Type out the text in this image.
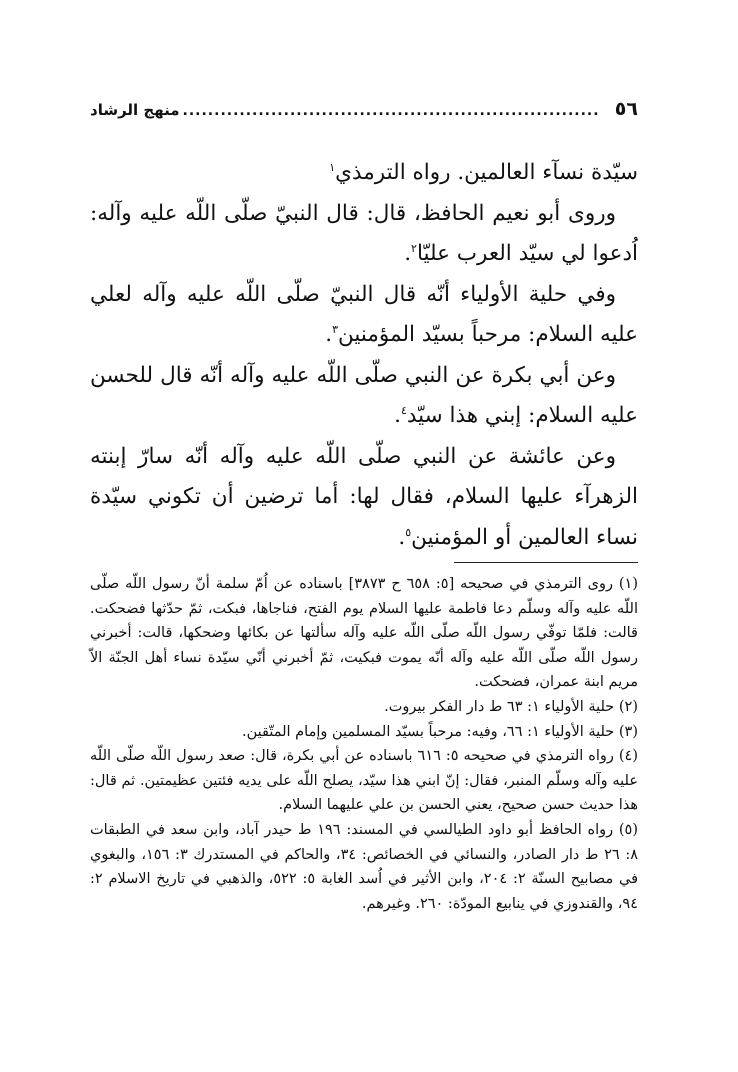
٥٦
..................................................................
منهج الرشاد

سيّدة نسآء العالمين. رواه الترمذي$^١$

وروى أبو نعيم الحافظ، قال: قال النبيّ صلّى اللّه عليه وآله: اُدعوا لي سيّد العرب عليّا$^٢$.

وفي حلية الأولياء أنّه قال النبيّ صلّى اللّه عليه وآله لعلي عليه السلام: مرحباً بسيّد المؤمنين$^٣$.

وعن أبي بكرة عن النبي صلّى اللّه عليه وآله أنّه قال للحسن عليه السلام: إبني هذا سيّد$^٤$.

وعن عائشة عن النبي صلّى اللّه عليه وآله أنّه سارّ إبنته الزهرآء عليها السلام، فقال لها: أما ترضين أن تكوني سيّدة نساء العالمين أو المؤمنين$^٥$.

(١) روى الترمذي في صحيحه [٥: ٦٥٨ ح ٣٨٧٣] باسناده عن اُمّ سلمة أنّ رسول اللّه صلّى اللّه عليه وآله وسلّم دعا فاطمة عليها السلام يوم الفتح، فناجاها، فبكت، ثمّ حدّثها فضحكت. قالت: فلمّا توفّي رسول اللّه صلّى اللّه عليه وآله سألتها عن بكائها وضحكها، قالت: أخبرني رسول اللّه صلّى اللّه عليه وآله أنّه يموت فبكيت، ثمّ أخبرني أنّي سيّدة نساء أهل الجنّة الاّ مريم ابنة عمران، فضحكت.

(٢) حلية الأولياء ١: ٦٣ ط دار الفكر بيروت.

(٣) حلية الأولياء ١: ٦٦، وفيه: مرحباً بسيّد المسلمين وإمام المتّقين.

(٤) رواه الترمذي في صحيحه ٥: ٦١٦ باسناده عن أبي بكرة، قال: صعد رسول اللّه صلّى اللّه عليه وآله وسلّم المنبر، فقال: إنّ ابني هذا سيّد، يصلح اللّه على يديه فئتين عظيمتين. ثم قال: هذا حديث حسن صحيح، يعني الحسن بن علي عليهما السلام.

(٥) رواه الحافظ أبو داود الطيالسي في المسند: ١٩٦ ط حيدر آباد، وابن سعد في الطبقات ٨: ٢٦ ط دار الصادر، والنسائي في الخصائص: ٣٤، والحاكم في المستدرك ٣: ١٥٦، والبغوي في مصابيح السنّة ٢: ٢٠٤، وابن الأثير في اُسد الغابة ٥: ٥٢٢، والذهبي في تاريخ الاسلام ٢: ٩٤، والقندوزي في ينابيع المودّة: ٢٦٠. وغيرهم.
